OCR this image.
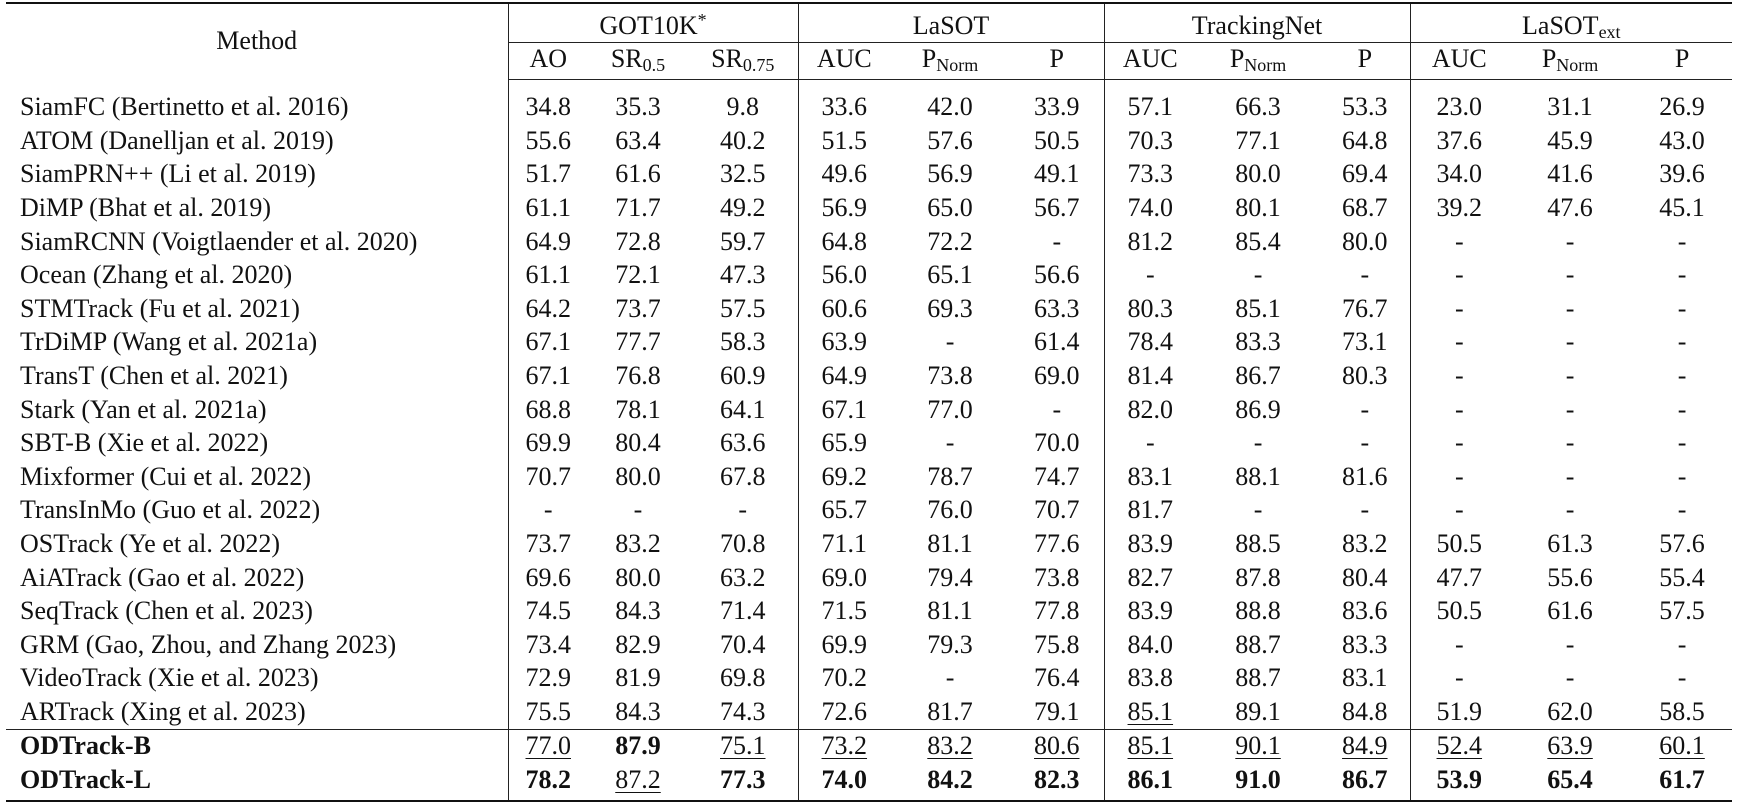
Method	GOT10K*			LaSOT			TrackingNet			LaSOT$_{ext}$
	AO	$SR_{0.5}$	$SR_{0.75}$	AUC	$P_{Norm}$	P	AUC	$P_{Norm}$	P	AUC	$P_{Norm}$	P
SiamFC (Bertinetto et al. 2016)	34.8	35.3	9.8	33.6	42.0	33.9	57.1	66.3	53.3	23.0	31.1	26.9
ATOM (Danelljan et al. 2019)	55.6	63.4	40.2	51.5	57.6	50.5	70.3	77.1	64.8	37.6	45.9	43.0
SiamPRN++ (Li et al. 2019)	51.7	61.6	32.5	49.6	56.9	49.1	73.3	80.0	69.4	34.0	41.6	39.6
DiMP (Bhat et al. 2019)	61.1	71.7	49.2	56.9	65.0	56.7	74.0	80.1	68.7	39.2	47.6	45.1
SiamRCNN (Voigtlaender et al. 2020)	64.9	72.8	59.7	64.8	72.2	-	81.2	85.4	80.0	-	-	-
Ocean (Zhang et al. 2020)	61.1	72.1	47.3	56.0	65.1	56.6	-	-	-	-	-	-
STMTrack (Fu et al. 2021)	64.2	73.7	57.5	60.6	69.3	63.3	80.3	85.1	76.7	-	-	-
TrDiMP (Wang et al. 2021a)	67.1	77.7	58.3	63.9	-	61.4	78.4	83.3	73.1	-	-	-
TransT (Chen et al. 2021)	67.1	76.8	60.9	64.9	73.8	69.0	81.4	86.7	80.3	-	-	-
Stark (Yan et al. 2021a)	68.8	78.1	64.1	67.1	77.0	-	82.0	86.9	-	-	-	-
SBT-B (Xie et al. 2022)	69.9	80.4	63.6	65.9	-	70.0	-	-	-	-	-	-
Mixformer (Cui et al. 2022)	70.7	80.0	67.8	69.2	78.7	74.7	83.1	88.1	81.6	-	-	-
TransInMo (Guo et al. 2022)	-	-	-	65.7	76.0	70.7	81.7	-	-	-	-	-
OSTrack (Ye et al. 2022)	73.7	83.2	70.8	71.1	81.1	77.6	83.9	88.5	83.2	50.5	61.3	57.6
AiATrack (Gao et al. 2022)	69.6	80.0	63.2	69.0	79.4	73.8	82.7	87.8	80.4	47.7	55.6	55.4
SeqTrack (Chen et al. 2023)	74.5	84.3	71.4	71.5	81.1	77.8	83.9	88.8	83.6	50.5	61.6	57.5
GRM (Gao, Zhou, and Zhang 2023)	73.4	82.9	70.4	69.9	79.3	75.8	84.0	88.7	83.3	-	-	-
VideoTrack (Xie et al. 2023)	72.9	81.9	69.8	70.2	-	76.4	83.8	88.7	83.1	-	-	-
ARTrack (Xing et al. 2023)	75.5	84.3	74.3	72.6	81.7	79.1	85.1	89.1	84.8	51.9	62.0	58.5
ODTrack-B	77.0	87.9	75.1	73.2	83.2	80.6	85.1	90.1	84.9	52.4	63.9	60.1
ODTrack-L	78.2	87.2	77.3	74.0	84.2	82.3	86.1	91.0	86.7	53.9	65.4	61.7
